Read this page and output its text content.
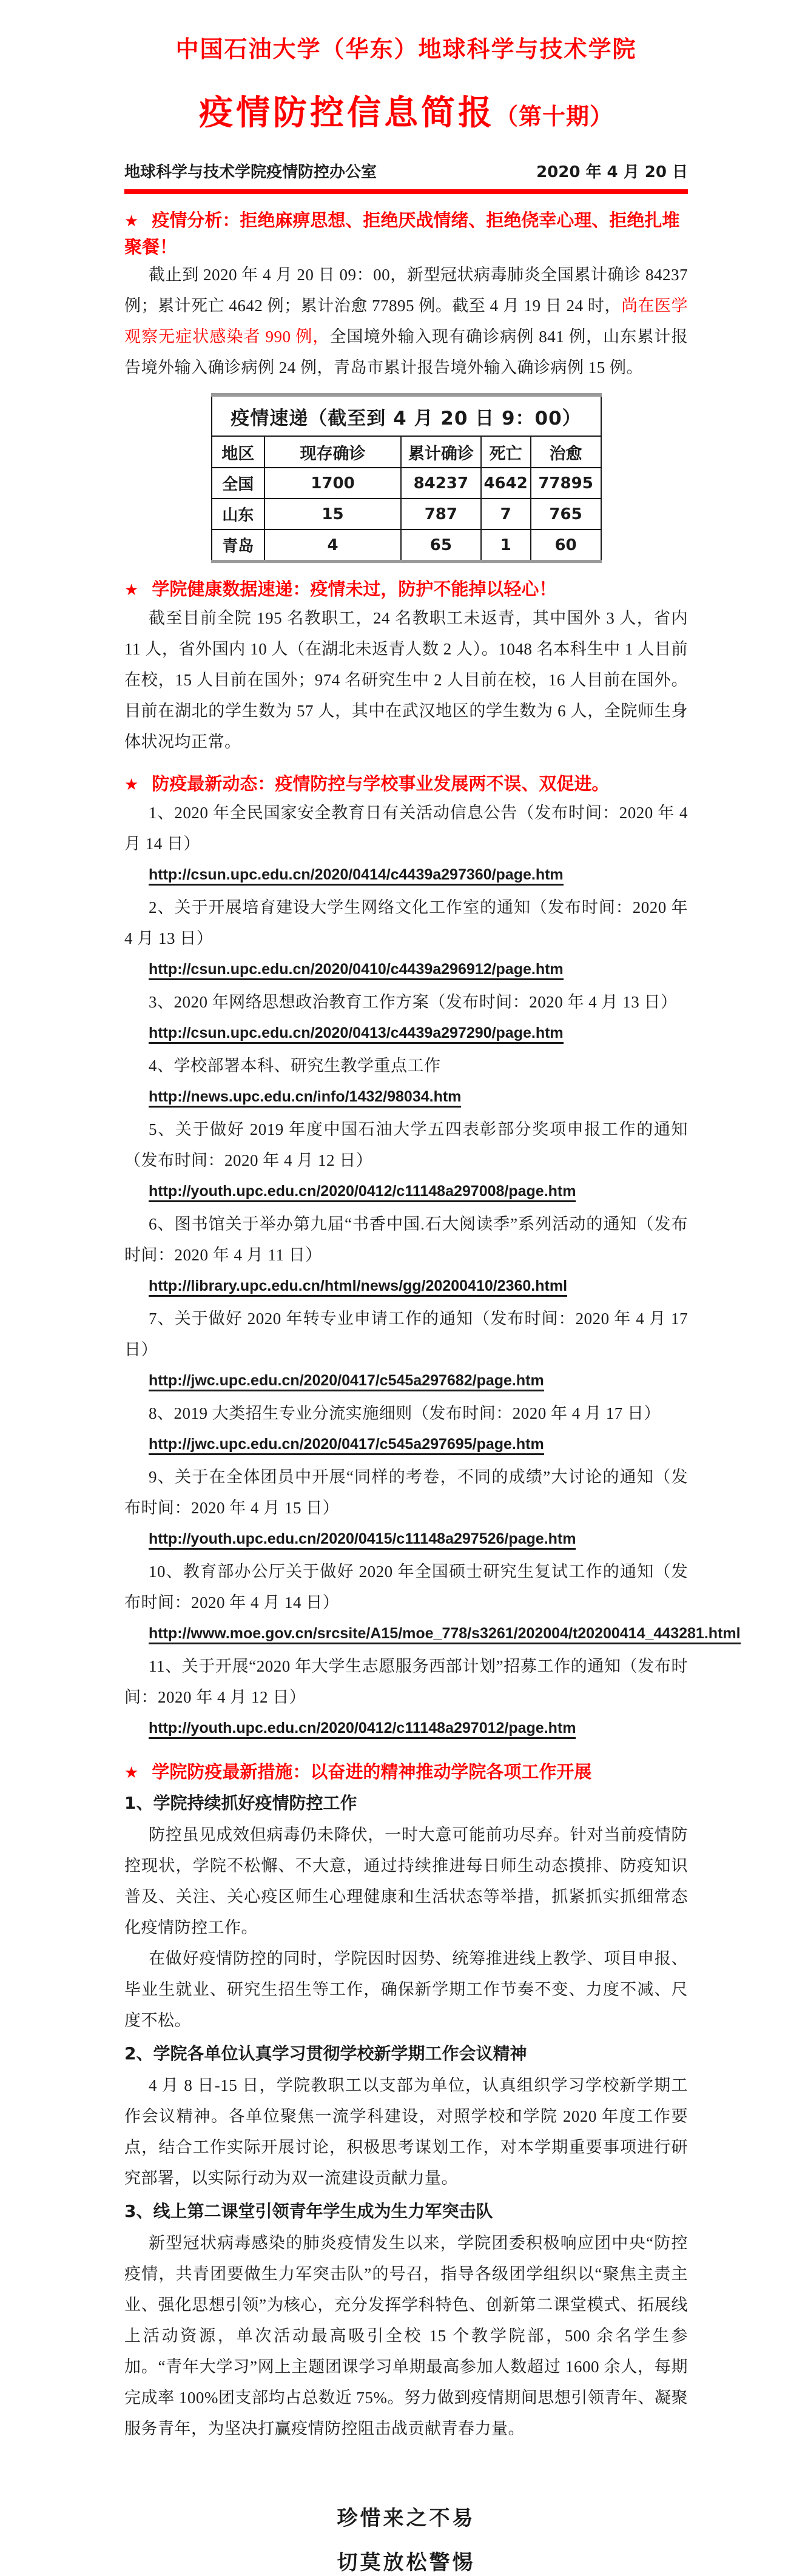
中国石油大学（华东）地球科学与技术学院
疫情防控信息简报（第十期）
地球科学与技术学院疫情防控办公室	2020 年 4 月 20 日
★ 疫情分析：拒绝麻痹思想、拒绝厌战情绪、拒绝侥幸心理、拒绝扎堆聚餐！

截止到 2020 年 4 月 20 日 09：00，新型冠状病毒肺炎全国累计确诊 84237 例；累计死亡 4642 例；累计治愈 77895 例。截至 4 月 19 日 24 时，尚在医学观察无症状感染者 990 例，全国境外输入现有确诊病例 841 例，山东累计报告境外输入确诊病例 24 例，青岛市累计报告境外输入确诊病例 15 例。

疫情速递（截至到 4 月 20 日 9：00）				
地区	现存确诊	累计确诊	死亡	治愈
全国	1700	84237	4642	77895
山东	15	787	7	765
青岛	4	65	1	60
★ 学院健康数据速递：疫情未过，防护不能掉以轻心！

截至目前全院 195 名教职工，24 名教职工未返青，其中国外 3 人，省内 11 人，省外国内 10 人（在湖北未返青人数 2 人）。1048 名本科生中 1 人目前在校，15 人目前在国外；974 名研究生中 2 人目前在校，16 人目前在国外。目前在湖北的学生数为 57 人，其中在武汉地区的学生数为 6 人，全院师生身体状况均正常。

★ 防疫最新动态：疫情防控与学校事业发展两不误、双促进。

1、2020 年全民国家安全教育日有关活动信息公告（发布时间：2020 年 4 月 14 日）

http://csun.upc.edu.cn/2020/0414/c4439a297360/page.htm

2、关于开展培育建设大学生网络文化工作室的通知（发布时间：2020 年 4 月 13 日）

http://csun.upc.edu.cn/2020/0410/c4439a296912/page.htm

3、2020 年网络思想政治教育工作方案（发布时间：2020 年 4 月 13 日）

http://csun.upc.edu.cn/2020/0413/c4439a297290/page.htm

4、学校部署本科、研究生教学重点工作

http://news.upc.edu.cn/info/1432/98034.htm

5、关于做好 2019 年度中国石油大学五四表彰部分奖项申报工作的通知（发布时间：2020 年 4 月 12 日）

http://youth.upc.edu.cn/2020/0412/c11148a297008/page.htm

6、图书馆关于举办第九届“书香中国.石大阅读季”系列活动的通知（发布时间：2020 年 4 月 11 日）

http://library.upc.edu.cn/html/news/gg/20200410/2360.html

7、关于做好 2020 年转专业申请工作的通知（发布时间：2020 年 4 月 17 日）

http://jwc.upc.edu.cn/2020/0417/c545a297682/page.htm

8、2019 大类招生专业分流实施细则（发布时间：2020 年 4 月 17 日）

http://jwc.upc.edu.cn/2020/0417/c545a297695/page.htm

9、关于在全体团员中开展“同样的考卷，不同的成绩”大讨论的通知（发布时间：2020 年 4 月 15 日）

http://youth.upc.edu.cn/2020/0415/c11148a297526/page.htm

10、教育部办公厅关于做好 2020 年全国硕士研究生复试工作的通知（发布时间：2020 年 4 月 14 日）

http://www.moe.gov.cn/srcsite/A15/moe_778/s3261/202004/t20200414_443281.html

11、关于开展“2020 年大学生志愿服务西部计划”招募工作的通知（发布时间：2020 年 4 月 12 日）

http://youth.upc.edu.cn/2020/0412/c11148a297012/page.htm

★ 学院防疫最新措施：以奋进的精神推动学院各项工作开展

1、学院持续抓好疫情防控工作

防控虽见成效但病毒仍未降伏，一时大意可能前功尽弃。针对当前疫情防控现状，学院不松懈、不大意，通过持续推进每日师生动态摸排、防疫知识普及、关注、关心疫区师生心理健康和生活状态等举措，抓紧抓实抓细常态化疫情防控工作。

在做好疫情防控的同时，学院因时因势、统筹推进线上教学、项目申报、毕业生就业、研究生招生等工作，确保新学期工作节奏不变、力度不减、尺度不松。

2、学院各单位认真学习贯彻学校新学期工作会议精神

4 月 8 日-15 日，学院教职工以支部为单位，认真组织学习学校新学期工作会议精神。各单位聚焦一流学科建设，对照学校和学院 2020 年度工作要点，结合工作实际开展讨论，积极思考谋划工作，对本学期重要事项进行研究部署，以实际行动为双一流建设贡献力量。

3、线上第二课堂引领青年学生成为生力军突击队

新型冠状病毒感染的肺炎疫情发生以来，学院团委积极响应团中央“防控疫情，共青团要做生力军突击队”的号召，指导各级团学组织以“聚焦主责主业、强化思想引领”为核心，充分发挥学科特色、创新第二课堂模式、拓展线上活动资源，单次活动最高吸引全校 15 个教学院部，500 余名学生参加。“青年大学习”网上主题团课学习单期最高参加人数超过 1600 余人，每期完成率 100%团支部均占总数近 75%。努力做到疫情期间思想引领青年、凝聚服务青年，为坚决打赢疫情防控阻击战贡献青春力量。

珍惜来之不易

切莫放松警惕
